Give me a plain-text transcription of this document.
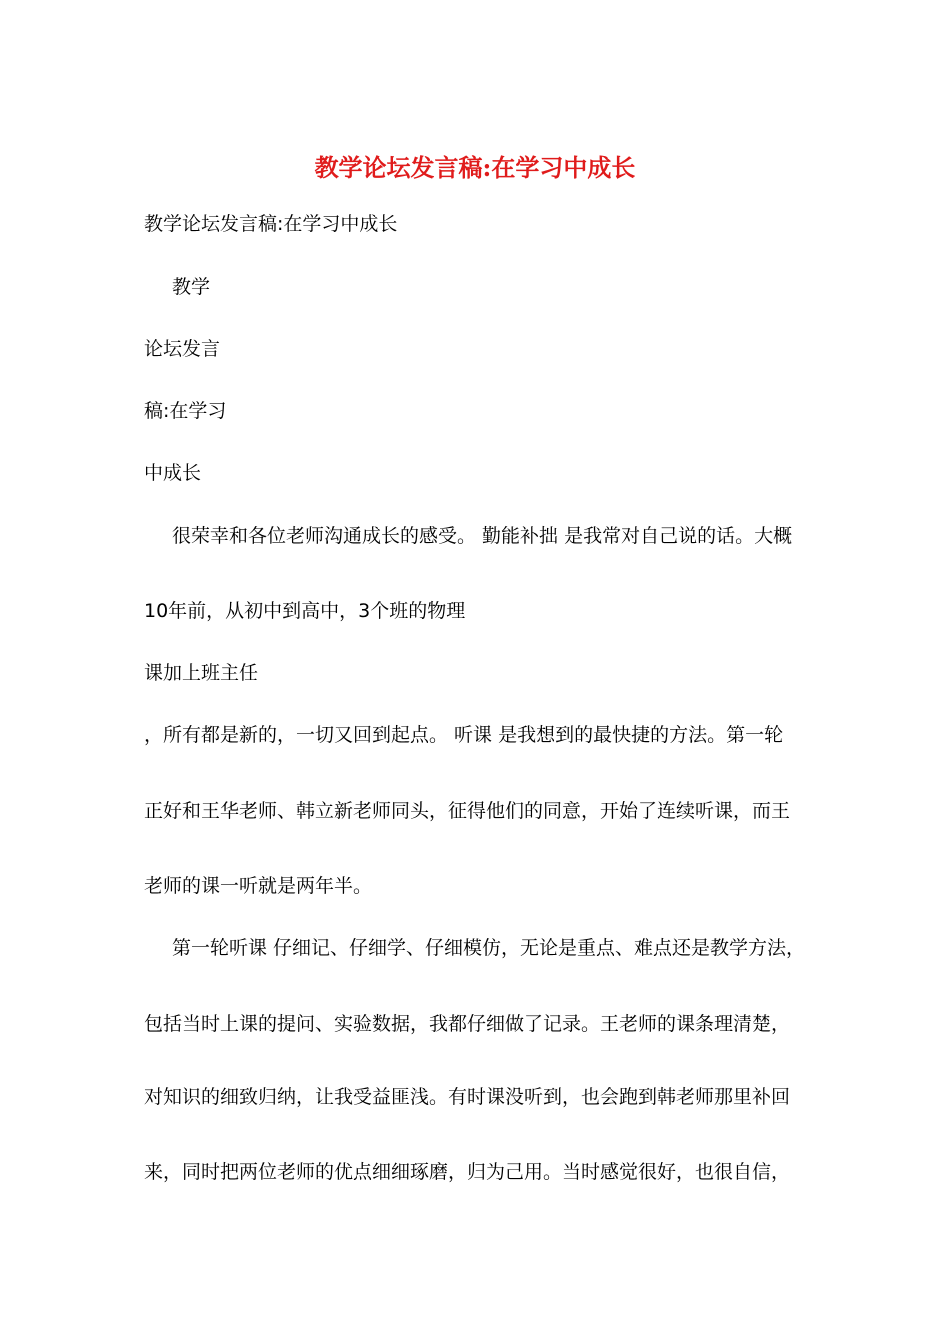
教学论坛发言稿:在学习中成长

教学论坛发言稿:在学习中成长

教学

论坛发言

稿:在学习

中成长

很荣幸和各位老师沟通成长的感受。 勤能补拙 是我常对自己说的话。大概

10年前，从初中到高中，3个班的物理

课加上班主任

，所有都是新的，一切又回到起点。 听课 是我想到的最快捷的方法。第一轮

正好和王华老师、韩立新老师同头，征得他们的同意，开始了连续听课，而王

老师的课一听就是两年半。

第一轮听课 仔细记、仔细学、仔细模仿，无论是重点、难点还是教学方法，

包括当时上课的提问、实验数据，我都仔细做了记录。王老师的课条理清楚，

对知识的细致归纳，让我受益匪浅。有时课没听到，也会跑到韩老师那里补回

来，同时把两位老师的优点细细琢磨，归为己用。当时感觉很好，也很自信，
